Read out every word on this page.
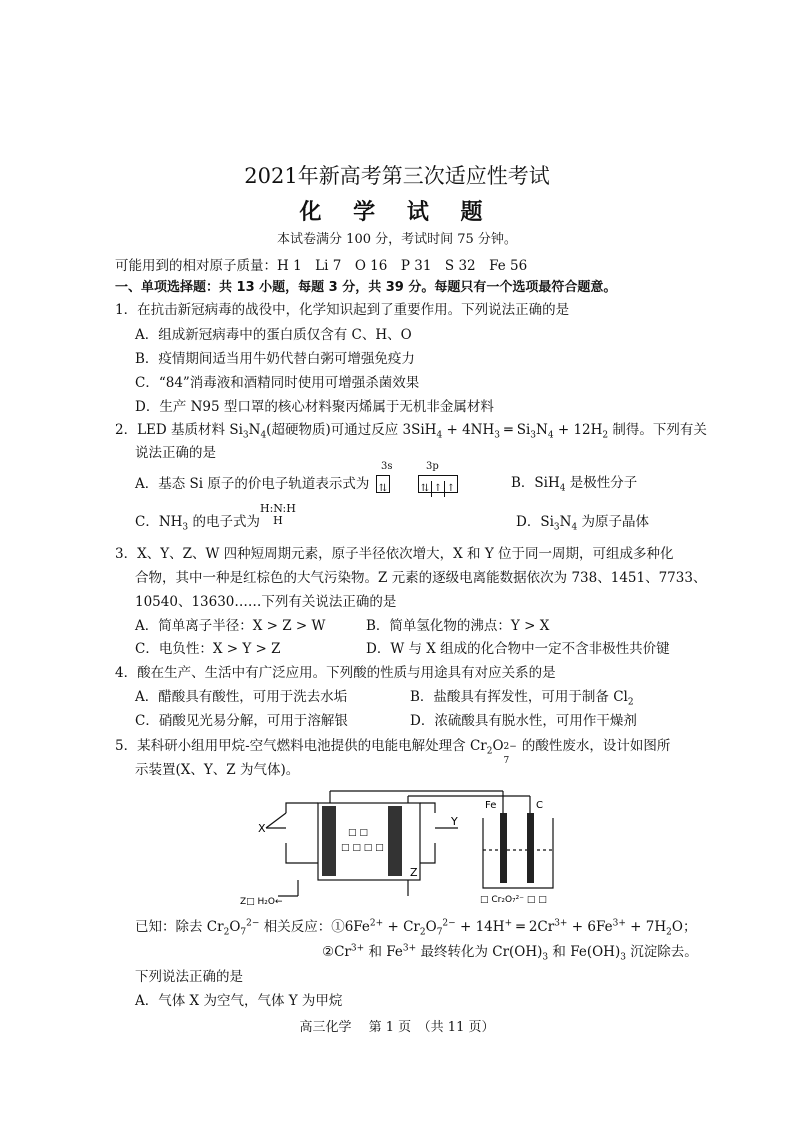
2021年新高考第三次适应性考试
化 学 试 题
本试卷满分 100 分，考试时间 75 分钟。
可能用到的相对原子质量：H 1　Li 7　O 16　P 31　S 32　Fe 56
一、单项选择题：共 13 小题，每题 3 分，共 39 分。每题只有一个选项最符合题意。
1．在抗击新冠病毒的战役中，化学知识起到了重要作用。下列说法正确的是
A．组成新冠病毒中的蛋白质仅含有 C、H、O
B．疫情期间适当用牛奶代替白粥可增强免疫力
C．“84”消毒液和酒精同时使用可增强杀菌效果
D．生产 N95 型口罩的核心材料聚丙烯属于无机非金属材料
2．LED 基质材料 $Si_3N_4$(超硬物质)可通过反应 $3SiH_4 + 4NH_3$ ═ $Si_3N_4 + 12H_2$ 制得。下列有关
说法正确的是
A．基态 Si 原子的价电子轨道表示式为
3s	3p
⇅	⇅ ↑ ↑	B．SiH$_4$ 是极性分子
C．$NH_3$ 的电子式为
H:N:H
H	D．$Si_3N_4$ 为原子晶体
3．X、Y、Z、W 四种短周期元素，原子半径依次增大，X 和 Y 位于同一周期，可组成多种化
合物，其中一种是红棕色的大气污染物。Z 元素的逐级电离能数据依次为 738、1451、7733、
10540、13630……下列有关说法正确的是
A．简单离子半径：X > Z > W	B．简单氢化物的沸点：Y > X
C．电负性：X > Y > Z	D．W 与 X 组成的化合物中一定不含非极性共价键
4．酸在生产、生活中有广泛应用。下列酸的性质与用途具有对应关系的是
A．醋酸具有酸性，可用于洗去水垢	B．盐酸具有挥发性，可用于制备 $Cl_2$
C．硝酸见光易分解，可用于溶解银	D．浓硫酸具有脱水性，可用作干燥剂
5．某科研小组用甲烷-空气燃料电池提供的电能电解处理含 $Cr_2O$ 2−
7
的酸性废水，设计如图所
示装置(X、Y、Z 为气体)。
X
Y
Z
Fe	C
□ □
□ □ □ □
Z□ H₂O←	□ Cr₂O₇²⁻ □ □
已知：除去 $Cr_2O_7^{2-}$ 相关反应：$①6Fe^{2+} + Cr_2O_7^{2-} + 14H^+$ ═ $2Cr^{3+} + 6Fe^{3+} + 7H_2O$；
$②Cr^{3+}$ 和 $Fe^{3+}$ 最终转化为 $Cr(OH)_3$ 和 $Fe(OH)_3$ 沉淀除去。
下列说法正确的是
A．气体 X 为空气，气体 Y 为甲烷
高三化学　 第 1 页　（共 11 页）
